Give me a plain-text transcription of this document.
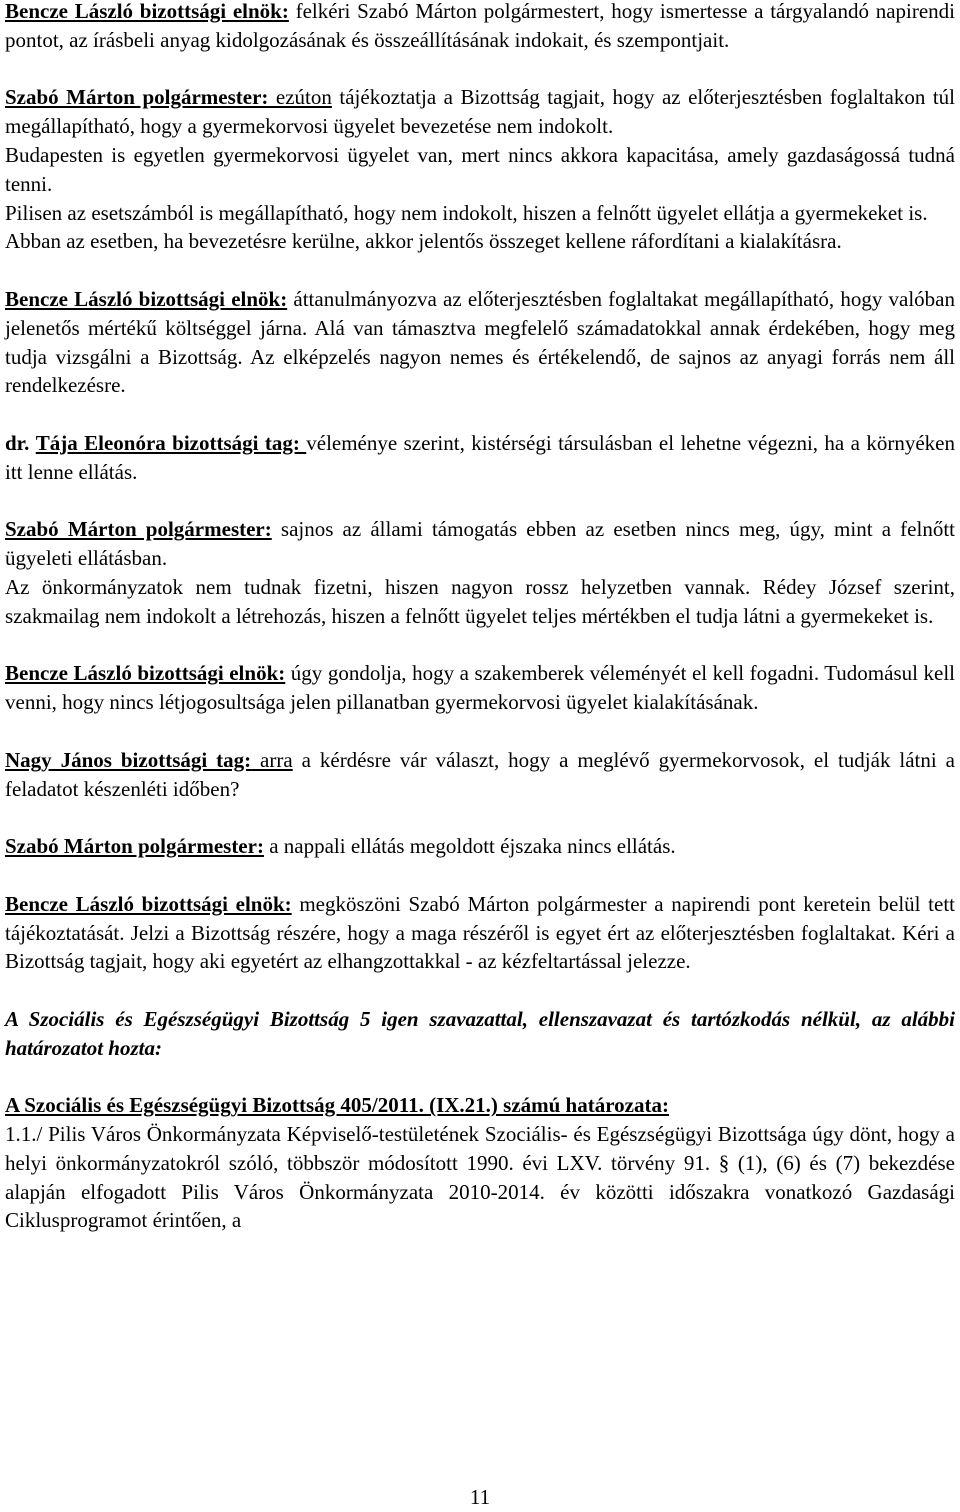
Bencze László bizottsági elnök: felkéri Szabó Márton polgármestert, hogy ismertesse a tárgyalandó napirendi pontot, az írásbeli anyag kidolgozásának és összeállításának indokait, és szempontjait.

Szabó Márton polgármester: ezúton tájékoztatja a Bizottság tagjait, hogy az előterjesztésben foglaltakon túl megállapítható, hogy a gyermekorvosi ügyelet bevezetése nem indokolt.

Budapesten is egyetlen gyermekorvosi ügyelet van, mert nincs akkora kapacitása, amely gazdaságossá tudná tenni.

Pilisen az esetszámból is megállapítható, hogy nem indokolt, hiszen a felnőtt ügyelet ellátja a gyermekeket is.

Abban az esetben, ha bevezetésre kerülne, akkor jelentős összeget kellene ráfordítani a kialakításra.

Bencze László bizottsági elnök: áttanulmányozva az előterjesztésben foglaltakat megállapítható, hogy valóban jelenetős mértékű költséggel járna. Alá van támasztva megfelelő számadatokkal annak érdekében, hogy meg tudja vizsgálni a Bizottság. Az elképzelés nagyon nemes és értékelendő, de sajnos az anyagi forrás nem áll rendelkezésre.

dr. Tája Eleonóra bizottsági tag: véleménye szerint, kistérségi társulásban el lehetne végezni, ha a környéken itt lenne ellátás.

Szabó Márton polgármester: sajnos az állami támogatás ebben az esetben nincs meg, úgy, mint a felnőtt ügyeleti ellátásban.

Az önkormányzatok nem tudnak fizetni, hiszen nagyon rossz helyzetben vannak. Rédey József szerint, szakmailag nem indokolt a létrehozás, hiszen a felnőtt ügyelet teljes mértékben el tudja látni a gyermekeket is.

Bencze László bizottsági elnök: úgy gondolja, hogy a szakemberek véleményét el kell fogadni. Tudomásul kell venni, hogy nincs létjogosultsága jelen pillanatban gyermekorvosi ügyelet kialakításának.

Nagy János bizottsági tag: arra a kérdésre vár választ, hogy a meglévő gyermekorvosok, el tudják látni a feladatot készenléti időben?

Szabó Márton polgármester: a nappali ellátás megoldott éjszaka nincs ellátás.

Bencze László bizottsági elnök: megköszöni Szabó Márton polgármester a napirendi pont keretein belül tett tájékoztatását. Jelzi a Bizottság részére, hogy a maga részéről is egyet ért az előterjesztésben foglaltakat. Kéri a Bizottság tagjait, hogy aki egyetért az elhangzottakkal - az kézfeltartással jelezze.

A Szociális és Egészségügyi Bizottság 5 igen szavazattal, ellenszavazat és tartózkodás nélkül, az alábbi határozatot hozta:

A Szociális és Egészségügyi Bizottság 405/2011. (IX.21.) számú határozata:

1.1./ Pilis Város Önkormányzata Képviselő-testületének Szociális- és Egészségügyi Bizottsága úgy dönt, hogy a helyi önkormányzatokról szóló, többször módosított 1990. évi LXV. törvény 91. § (1), (6) és (7) bekezdése alapján elfogadott Pilis Város Önkormányzata 2010-2014. év közötti időszakra vonatkozó Gazdasági Ciklusprogramot érintően, a

11
